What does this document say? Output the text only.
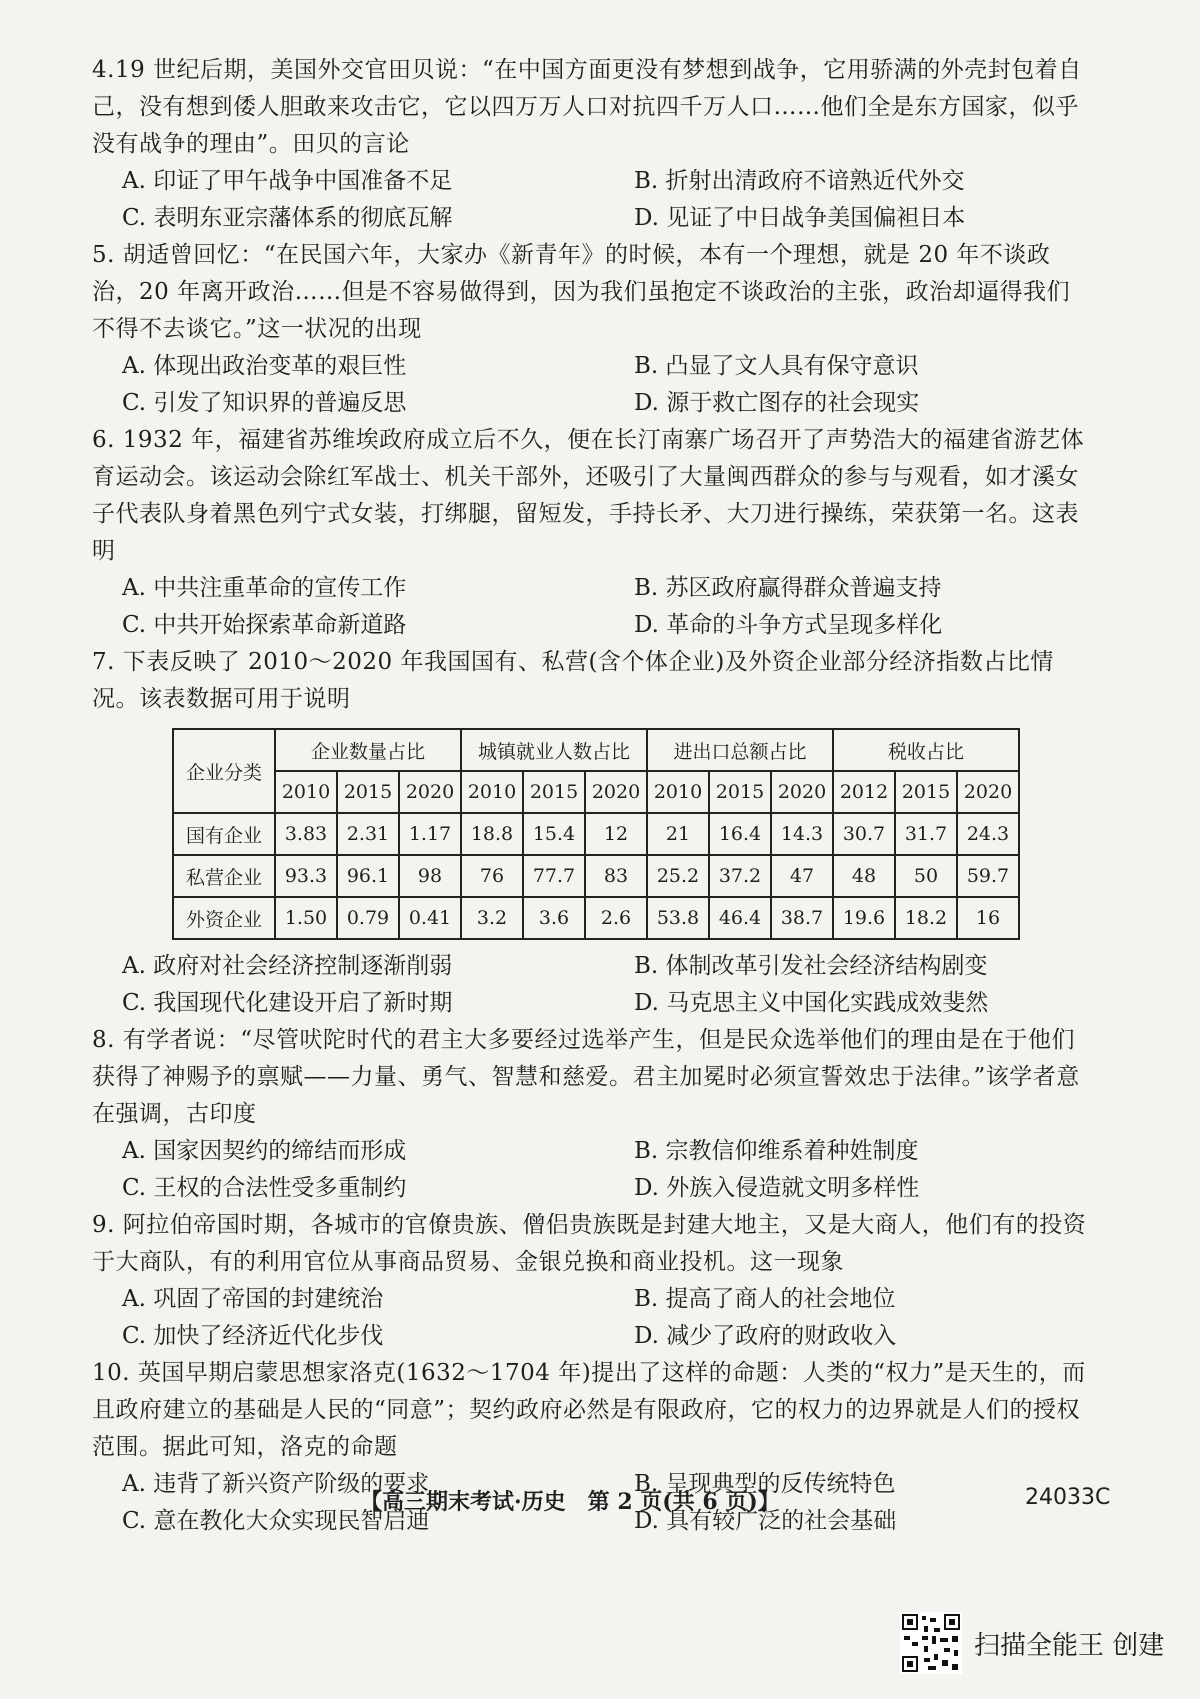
4.19 世纪后期，美国外交官田贝说：“在中国方面更没有梦想到战争，它用骄满的外壳封包着自己，没有想到倭人胆敢来攻击它，它以四万万人口对抗四千万人口……他们全是东方国家，似乎没有战争的理由”。田贝的言论

A. 印证了甲午战争中国准备不足	B. 折射出清政府不谙熟近代外交
C. 表明东亚宗藩体系的彻底瓦解	D. 见证了中日战争美国偏袒日本

5. 胡适曾回忆：“在民国六年，大家办《新青年》的时候，本有一个理想，就是 20 年不谈政治，20 年离开政治……但是不容易做得到，因为我们虽抱定不谈政治的主张，政治却逼得我们不得不去谈它。”这一状况的出现

A. 体现出政治变革的艰巨性	B. 凸显了文人具有保守意识
C. 引发了知识界的普遍反思	D. 源于救亡图存的社会现实

6. 1932 年，福建省苏维埃政府成立后不久，便在长汀南寨广场召开了声势浩大的福建省游艺体育运动会。该运动会除红军战士、机关干部外，还吸引了大量闽西群众的参与与观看，如才溪女子代表队身着黑色列宁式女装，打绑腿，留短发，手持长矛、大刀进行操练，荣获第一名。这表明

A. 中共注重革命的宣传工作	B. 苏区政府赢得群众普遍支持
C. 中共开始探索革命新道路	D. 革命的斗争方式呈现多样化

7. 下表反映了 2010～2020 年我国国有、私营(含个体企业)及外资企业部分经济指数占比情况。该表数据可用于说明

企业分类	企业数量占比			城镇就业人数占比			进出口总额占比			税收占比		
	2010	2015	2020	2010	2015	2020	2010	2015	2020	2012	2015	2020
国有企业	3.83	2.31	1.17	18.8	15.4	12	21	16.4	14.3	30.7	31.7	24.3
私营企业	93.3	96.1	98	76	77.7	83	25.2	37.2	47	48	50	59.7
外资企业	1.50	0.79	0.41	3.2	3.6	2.6	53.8	46.4	38.7	19.6	18.2	16
A. 政府对社会经济控制逐渐削弱	B. 体制改革引发社会经济结构剧变
C. 我国现代化建设开启了新时期	D. 马克思主义中国化实践成效斐然

8. 有学者说：“尽管吠陀时代的君主大多要经过选举产生，但是民众选举他们的理由是在于他们获得了神赐予的禀赋——力量、勇气、智慧和慈爱。君主加冕时必须宣誓效忠于法律。”该学者意在强调，古印度

A. 国家因契约的缔结而形成	B. 宗教信仰维系着种姓制度
C. 王权的合法性受多重制约	D. 外族入侵造就文明多样性

9. 阿拉伯帝国时期，各城市的官僚贵族、僧侣贵族既是封建大地主，又是大商人，他们有的投资于大商队，有的利用官位从事商品贸易、金银兑换和商业投机。这一现象

A. 巩固了帝国的封建统治	B. 提高了商人的社会地位
C. 加快了经济近代化步伐	D. 减少了政府的财政收入

10. 英国早期启蒙思想家洛克(1632～1704 年)提出了这样的命题：人类的“权力”是天生的，而且政府建立的基础是人民的“同意”；契约政府必然是有限政府，它的权力的边界就是人们的授权范围。据此可知，洛克的命题

A. 违背了新兴资产阶级的要求	B. 呈现典型的反传统特色
C. 意在教化大众实现民智启迪	D. 具有较广泛的社会基础
【高三期末考试·历史　第 2 页(共 6 页)】	24033C
扫描全能王 创建
